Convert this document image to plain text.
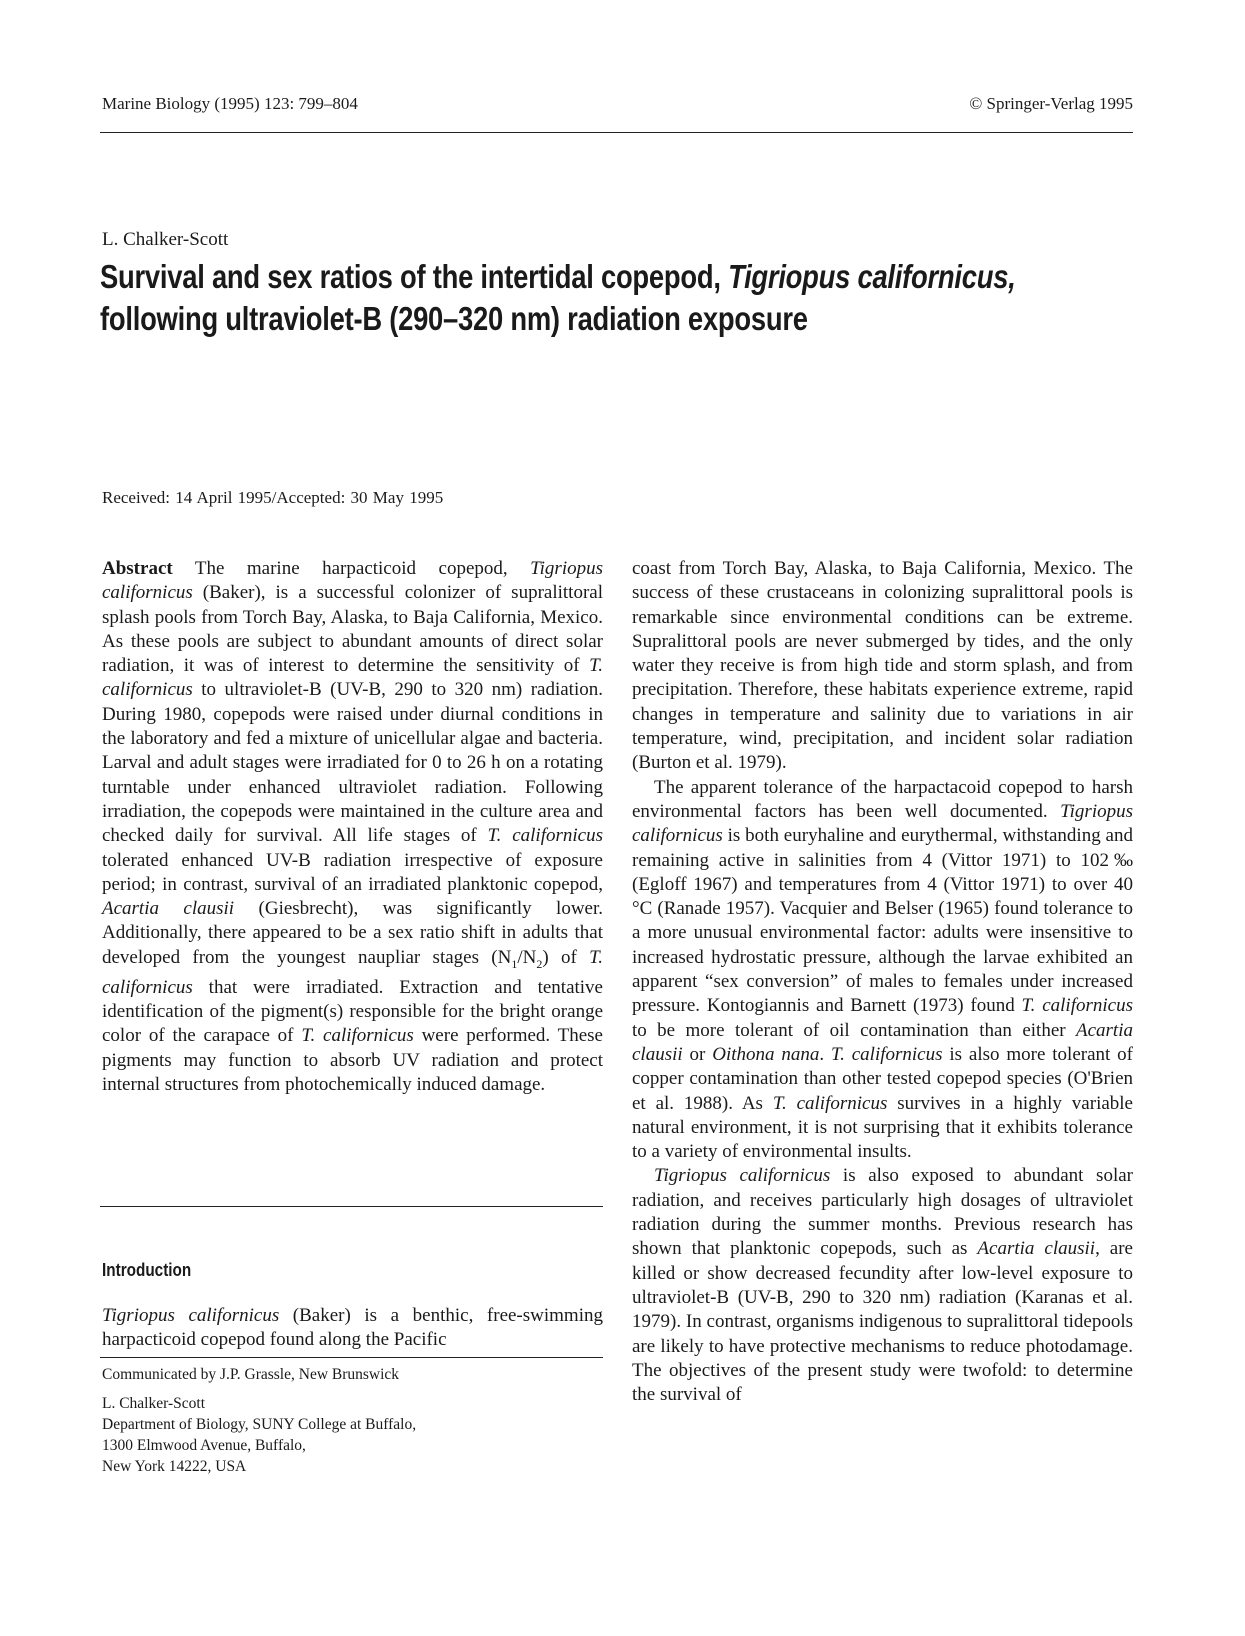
Marine Biology (1995) 123: 799–804	© Springer-Verlag 1995
L. Chalker-Scott
Survival and sex ratios of the intertidal copepod, Tigriopus californicus,
following ultraviolet-B (290–320 nm) radiation exposure
Received: 14 April 1995/Accepted: 30 May 1995

Abstract The marine harpacticoid copepod, Tigriopus californicus (Baker), is a successful colonizer of supralittoral splash pools from Torch Bay, Alaska, to Baja California, Mexico. As these pools are subject to abundant amounts of direct solar radiation, it was of interest to determine the sensitivity of T. californicus to ultraviolet-B (UV-B, 290 to 320 nm) radiation. During 1980, copepods were raised under diurnal conditions in the laboratory and fed a mixture of unicellular algae and bacteria. Larval and adult stages were irradiated for 0 to 26 h on a rotating turntable under enhanced ultraviolet radiation. Following irradiation, the copepods were maintained in the culture area and checked daily for survival. All life stages of T. californicus tolerated enhanced UV-B radiation irrespective of exposure period; in contrast, survival of an irradiated planktonic copepod, Acartia clausii (Giesbrecht), was significantly lower. Additionally, there appeared to be a sex ratio shift in adults that developed from the youngest naupliar stages $(N_1/N_2)$ of T. californicus that were irradiated. Extraction and tentative identification of the pigment(s) responsible for the bright orange color of the carapace of T. californicus were performed. These pigments may function to absorb UV radiation and protect internal structures from photochemically induced damage.

Introduction
Tigriopus californicus (Baker) is a benthic, free-swimming harpacticoid copepod found along the Pacific
Communicated by J.P. Grassle, New Brunswick
L. Chalker-Scott
Department of Biology, SUNY College at Buffalo,
1300 Elmwood Avenue, Buffalo,
New York 14222, USA

coast from Torch Bay, Alaska, to Baja California, Mexico. The success of these crustaceans in colonizing supralittoral pools is remarkable since environmental conditions can be extreme. Supralittoral pools are never submerged by tides, and the only water they receive is from high tide and storm splash, and from precipitation. Therefore, these habitats experience extreme, rapid changes in temperature and salinity due to variations in air temperature, wind, precipitation, and incident solar radiation (Burton et al. 1979).

The apparent tolerance of the harpactacoid copepod to harsh environmental factors has been well documented. Tigriopus californicus is both euryhaline and eurythermal, withstanding and remaining active in salinities from 4 (Vittor 1971) to 102‰ (Egloff 1967) and temperatures from 4 (Vittor 1971) to over 40 °C (Ranade 1957). Vacquier and Belser (1965) found tolerance to a more unusual environmental factor: adults were insensitive to increased hydrostatic pressure, although the larvae exhibited an apparent “sex conversion” of males to females under increased pressure. Kontogiannis and Barnett (1973) found T. californicus to be more tolerant of oil contamination than either Acartia clausii or Oithona nana. T. californicus is also more tolerant of copper contamination than other tested copepod species (O'Brien et al. 1988). As T. californicus survives in a highly variable natural environment, it is not surprising that it exhibits tolerance to a variety of environmental insults.

Tigriopus californicus is also exposed to abundant solar radiation, and receives particularly high dosages of ultraviolet radiation during the summer months. Previous research has shown that planktonic copepods, such as Acartia clausii, are killed or show decreased fecundity after low-level exposure to ultraviolet-B (UV-B, 290 to 320 nm) radiation (Karanas et al. 1979). In contrast, organisms indigenous to supralittoral tidepools are likely to have protective mechanisms to reduce photodamage. The objectives of the present study were twofold: to determine the survival of
